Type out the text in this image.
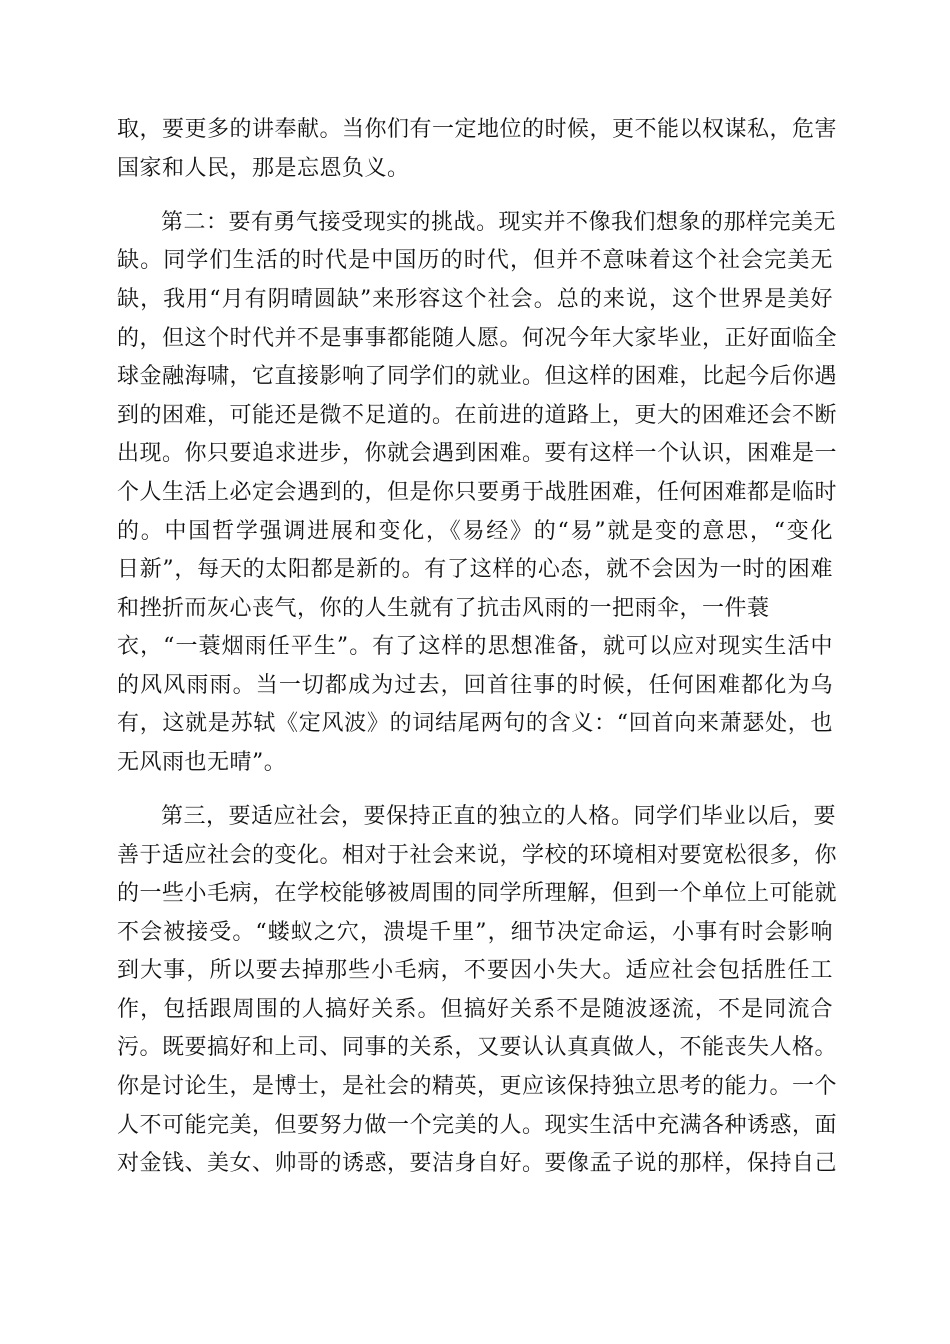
取，要更多的讲奉献。当你们有一定地位的时候，更不能以权谋私，危害
国家和人民，那是忘恩负义。
第二：要有勇气接受现实的挑战。现实并不像我们想象的那样完美无
缺。同学们生活的时代是中国历的时代，但并不意味着这个社会完美无
缺，我用“月有阴晴圆缺”来形容这个社会。总的来说，这个世界是美好
的，但这个时代并不是事事都能随人愿。何况今年大家毕业，正好面临全
球金融海啸，它直接影响了同学们的就业。但这样的困难，比起今后你遇
到的困难，可能还是微不足道的。在前进的道路上，更大的困难还会不断
出现。你只要追求进步，你就会遇到困难。要有这样一个认识，困难是一
个人生活上必定会遇到的，但是你只要勇于战胜困难，任何困难都是临时
的。中国哲学强调进展和变化，《易经》的“易”就是变的意思，“变化
日新”，每天的太阳都是新的。有了这样的心态，就不会因为一时的困难
和挫折而灰心丧气，你的人生就有了抗击风雨的一把雨伞，一件蓑
衣，“一蓑烟雨任平生”。有了这样的思想准备，就可以应对现实生活中
的风风雨雨。当一切都成为过去，回首往事的时候，任何困难都化为乌
有，这就是苏轼《定风波》的词结尾两句的含义：“回首向来萧瑟处，也
无风雨也无晴”。
第三，要适应社会，要保持正直的独立的人格。同学们毕业以后，要
善于适应社会的变化。相对于社会来说，学校的环境相对要宽松很多，你
的一些小毛病，在学校能够被周围的同学所理解，但到一个单位上可能就
不会被接受。“蝼蚁之穴，溃堤千里”，细节决定命运，小事有时会影响
到大事，所以要去掉那些小毛病，不要因小失大。适应社会包括胜任工
作，包括跟周围的人搞好关系。但搞好关系不是随波逐流，不是同流合
污。既要搞好和上司、同事的关系，又要认认真真做人，不能丧失人格。
你是讨论生，是博士，是社会的精英，更应该保持独立思考的能力。一个
人不可能完美，但要努力做一个完美的人。现实生活中充满各种诱惑，面
对金钱、美女、帅哥的诱惑，要洁身自好。要像孟子说的那样，保持自己
